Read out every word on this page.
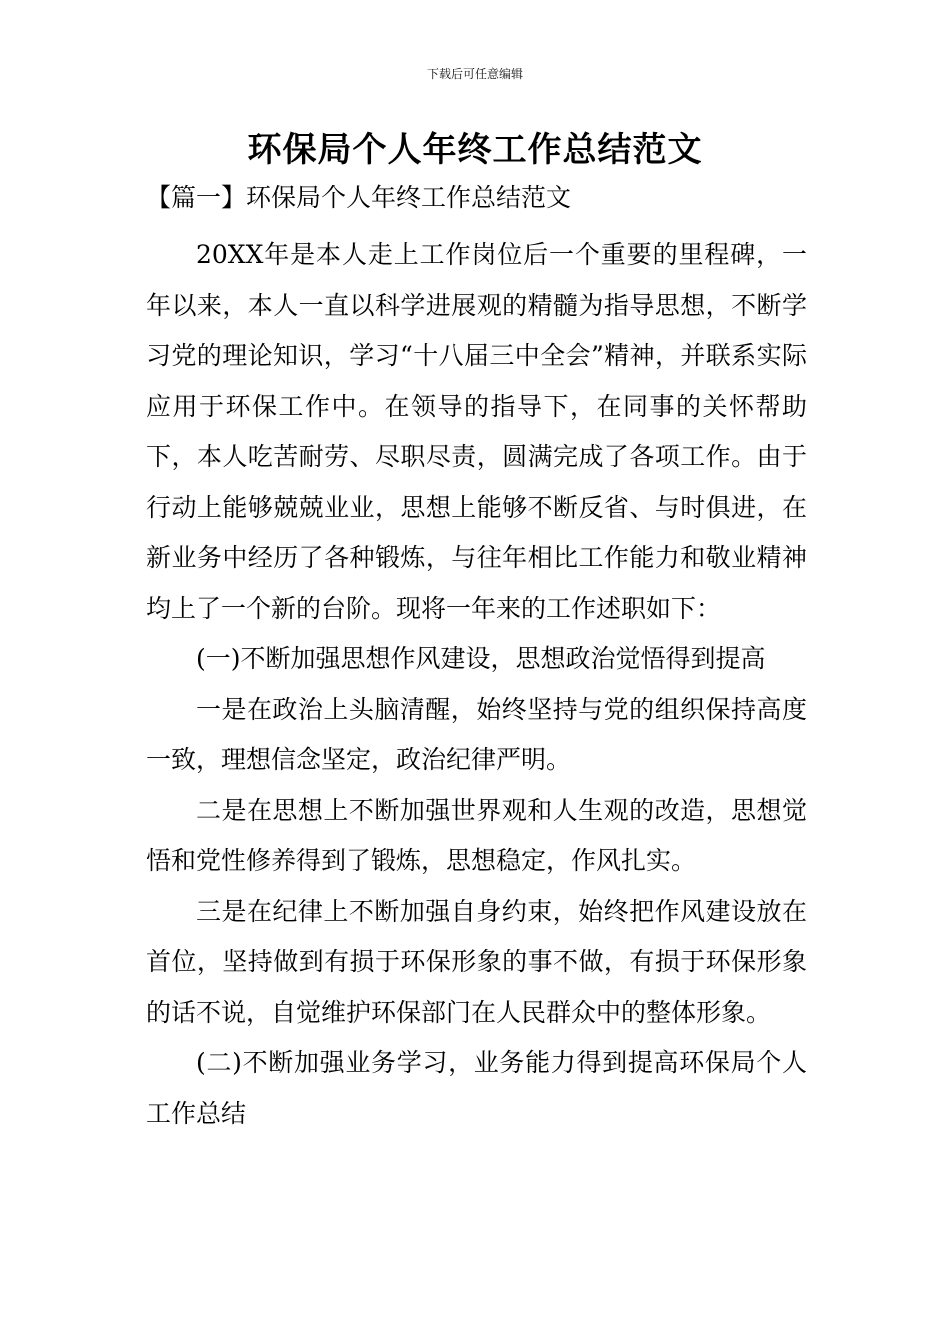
下载后可任意编辑
环保局个人年终工作总结范文
【篇一】环保局个人年终工作总结范文

20XX年是本人走上工作岗位后一个重要的里程碑，一年以来，本人一直以科学进展观的精髓为指导思想，不断学习党的理论知识，学习“十八届三中全会”精神，并联系实际应用于环保工作中。在领导的指导下，在同事的关怀帮助下，本人吃苦耐劳、尽职尽责，圆满完成了各项工作。由于行动上能够兢兢业业，思想上能够不断反省、与时俱进，在新业务中经历了各种锻炼，与往年相比工作能力和敬业精神均上了一个新的台阶。现将一年来的工作述职如下：

(一)不断加强思想作风建设，思想政治觉悟得到提高

一是在政治上头脑清醒，始终坚持与党的组织保持高度一致，理想信念坚定，政治纪律严明。

二是在思想上不断加强世界观和人生观的改造，思想觉悟和党性修养得到了锻炼，思想稳定，作风扎实。

三是在纪律上不断加强自身约束，始终把作风建设放在首位，坚持做到有损于环保形象的事不做，有损于环保形象的话不说，自觉维护环保部门在人民群众中的整体形象。

(二)不断加强业务学习，业务能力得到提高环保局个人工作总结
